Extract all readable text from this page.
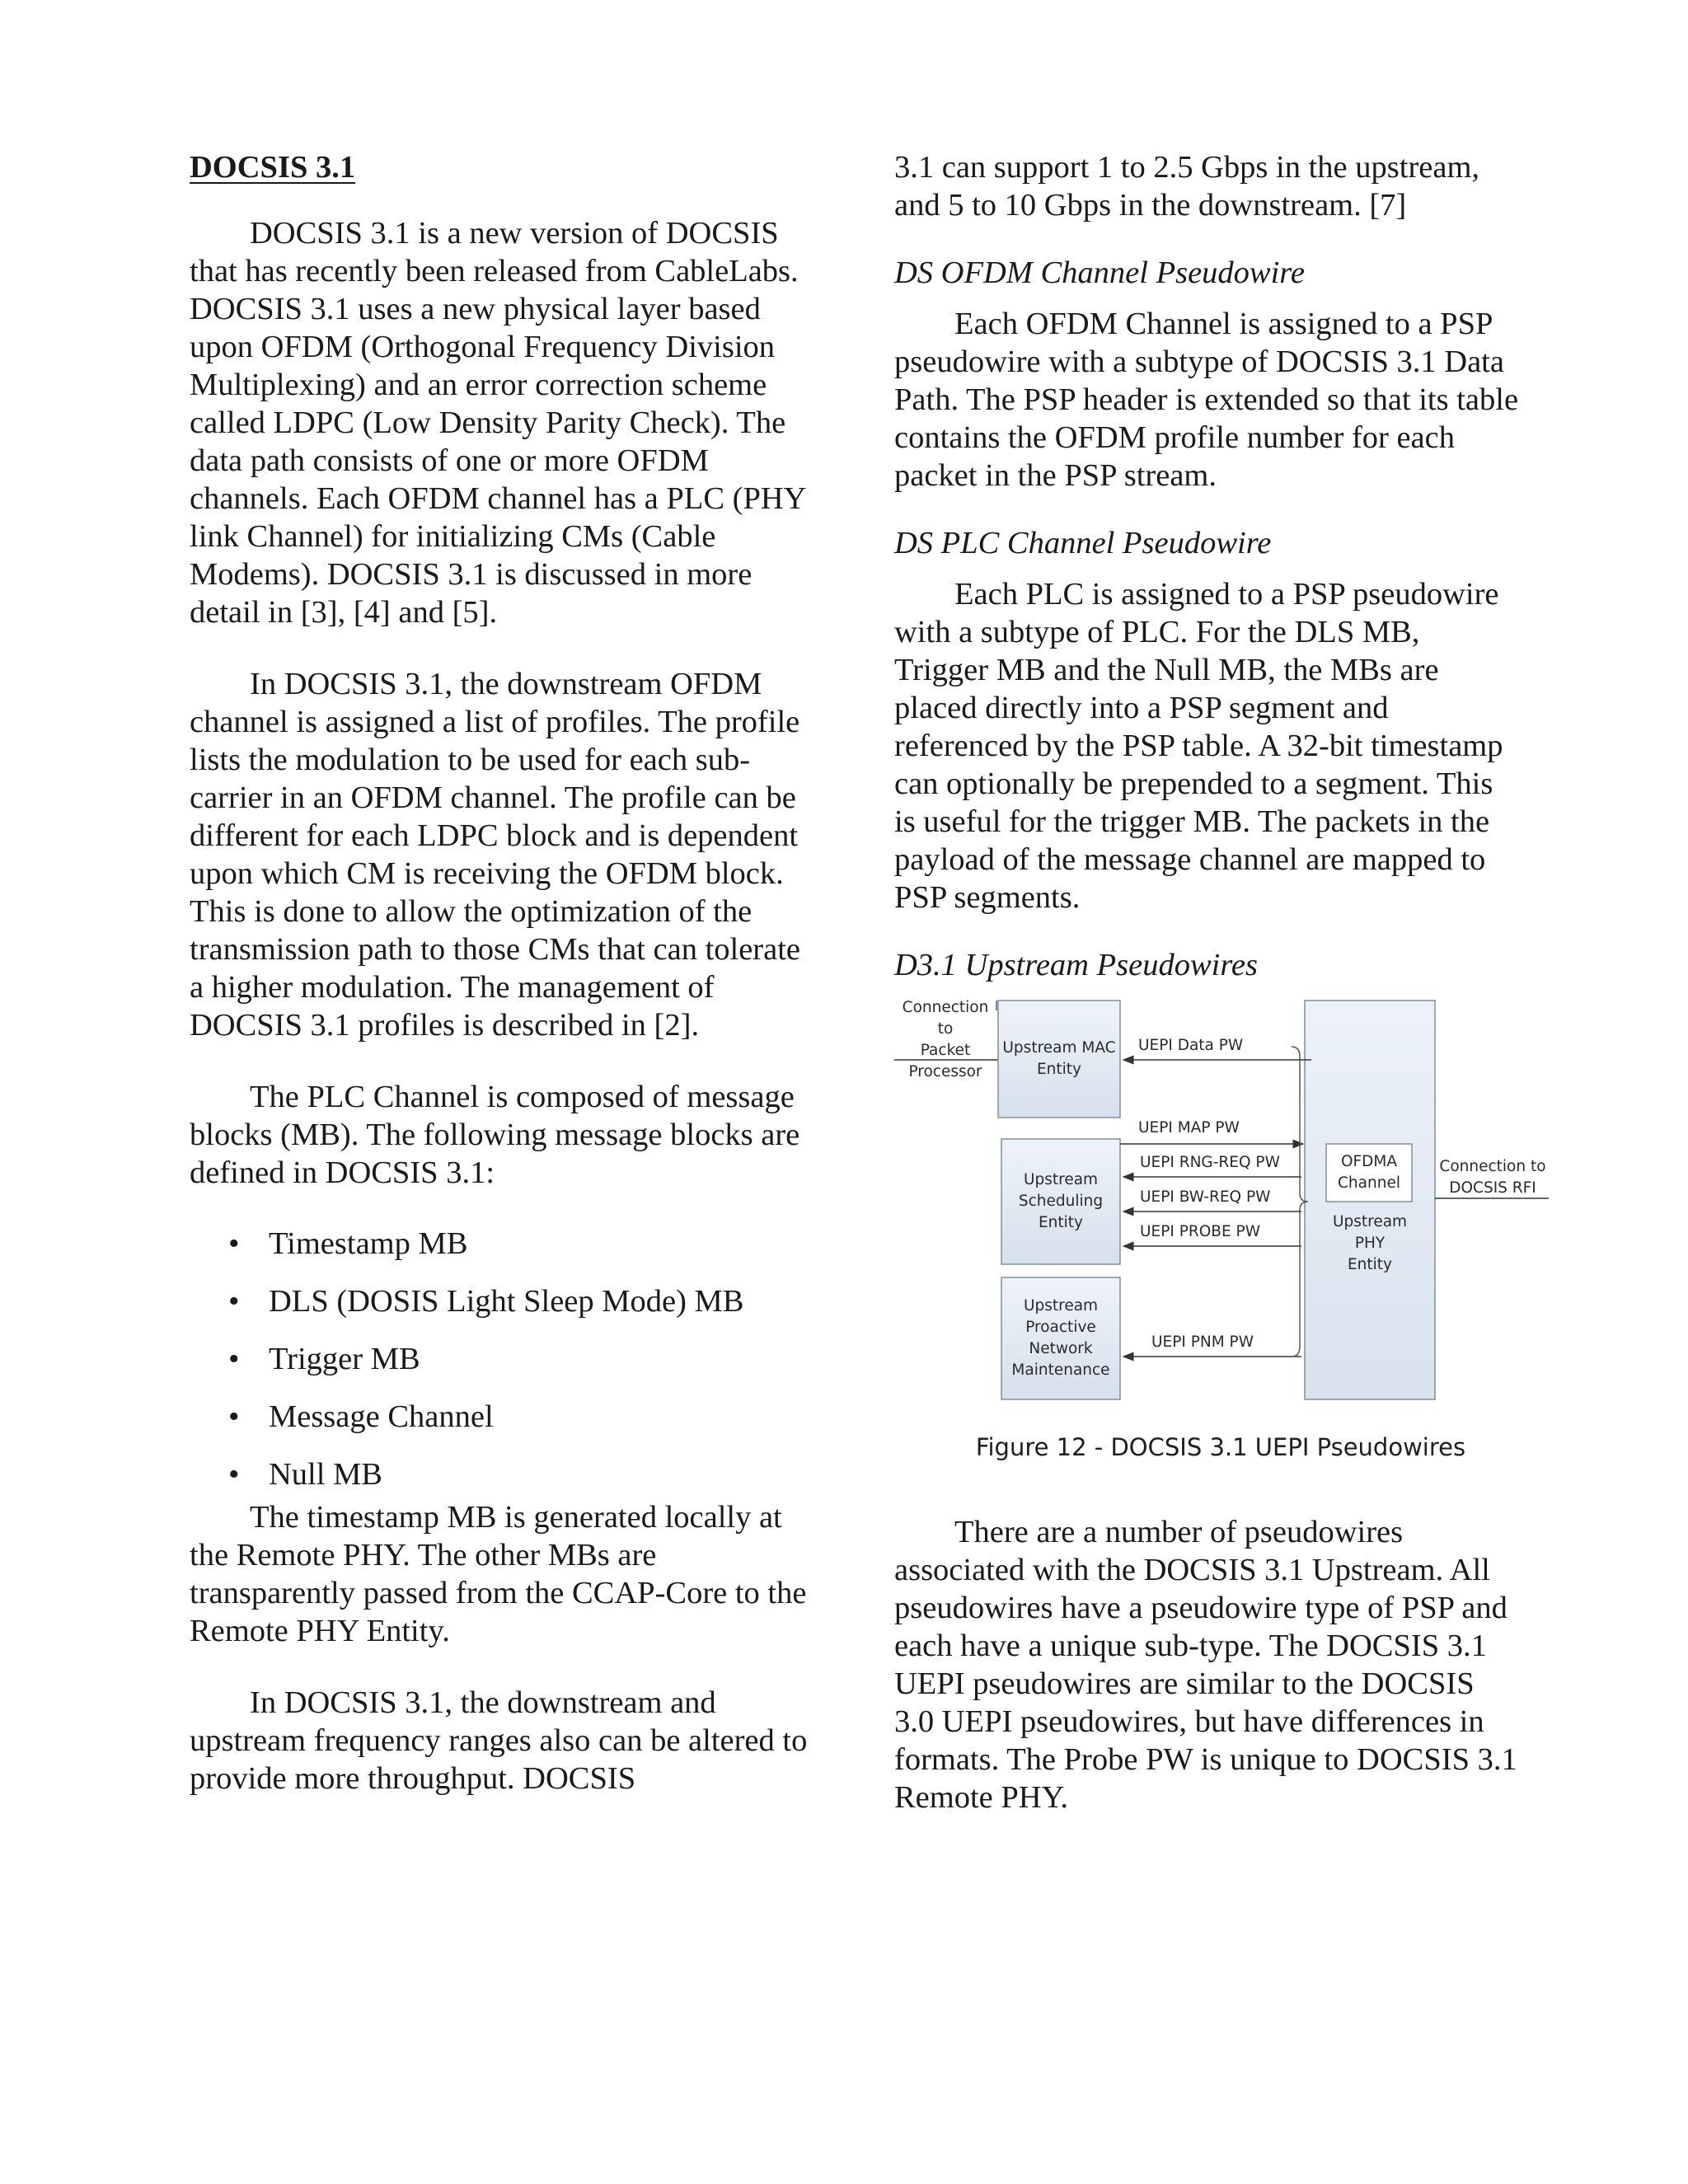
DOCSIS 3.1

DOCSIS 3.1 is a new version of DOCSIS that has recently been released from CableLabs. DOCSIS 3.1 uses a new physical layer based upon OFDM (Orthogonal Frequency Division Multiplexing) and an error correction scheme called LDPC (Low Density Parity Check). The data path consists of one or more OFDM channels. Each OFDM channel has a PLC (PHY link Channel) for initializing CMs (Cable Modems). DOCSIS 3.1 is discussed in more detail in [3], [4] and [5].

In DOCSIS 3.1, the downstream OFDM channel is assigned a list of profiles. The profile lists the modulation to be used for each sub-carrier in an OFDM channel. The profile can be different for each LDPC block and is dependent upon which CM is receiving the OFDM block. This is done to allow the optimization of the transmission path to those CMs that can tolerate a higher modulation. The management of DOCSIS 3.1 profiles is described in [2].

The PLC Channel is composed of message blocks (MB). The following message blocks are defined in DOCSIS 3.1:

• Timestamp MB
• DLS (DOSIS Light Sleep Mode) MB
• Trigger MB
• Message Channel
• Null MB

The timestamp MB is generated locally at the Remote PHY. The other MBs are transparently passed from the CCAP-Core to the Remote PHY Entity.

In DOCSIS 3.1, the downstream and upstream frequency ranges also can be altered to provide more throughput. DOCSIS

3.1 can support 1 to 2.5 Gbps in the upstream, and 5 to 10 Gbps in the downstream. [7]

DS OFDM Channel Pseudowire

Each OFDM Channel is assigned to a PSP pseudowire with a subtype of DOCSIS 3.1 Data Path. The PSP header is extended so that its table contains the OFDM profile number for each packet in the PSP stream.

DS PLC Channel Pseudowire

Each PLC is assigned to a PSP pseudowire with a subtype of PLC. For the DLS MB, Trigger MB and the Null MB, the MBs are placed directly into a PSP segment and referenced by the PSP table. A 32-bit timestamp can optionally be prepended to a segment. This is useful for the trigger MB. The packets in the payload of the message channel are mapped to PSP segments.

D3.1 Upstream Pseudowires

Connection to
Packet
Processor
Upstream MAC
Entity
Upstream
Scheduling
Entity
Upstream
Proactive
Network
Maintenance
OFDMA
Channel
Upstream
PHY
Entity
Connection to
DOCSIS RFI
UEPI Data PW
UEPI MAP PW
UEPI RNG-REQ PW
UEPI BW-REQ PW
UEPI PROBE PW
UEPI PNM PW

Figure 12 - DOCSIS 3.1 UEPI Pseudowires

There are a number of pseudowires associated with the DOCSIS 3.1 Upstream. All pseudowires have a pseudowire type of PSP and each have a unique sub-type. The DOCSIS 3.1 UEPI pseudowires are similar to the DOCSIS 3.0 UEPI pseudowires, but have differences in formats. The Probe PW is unique to DOCSIS 3.1 Remote PHY.
